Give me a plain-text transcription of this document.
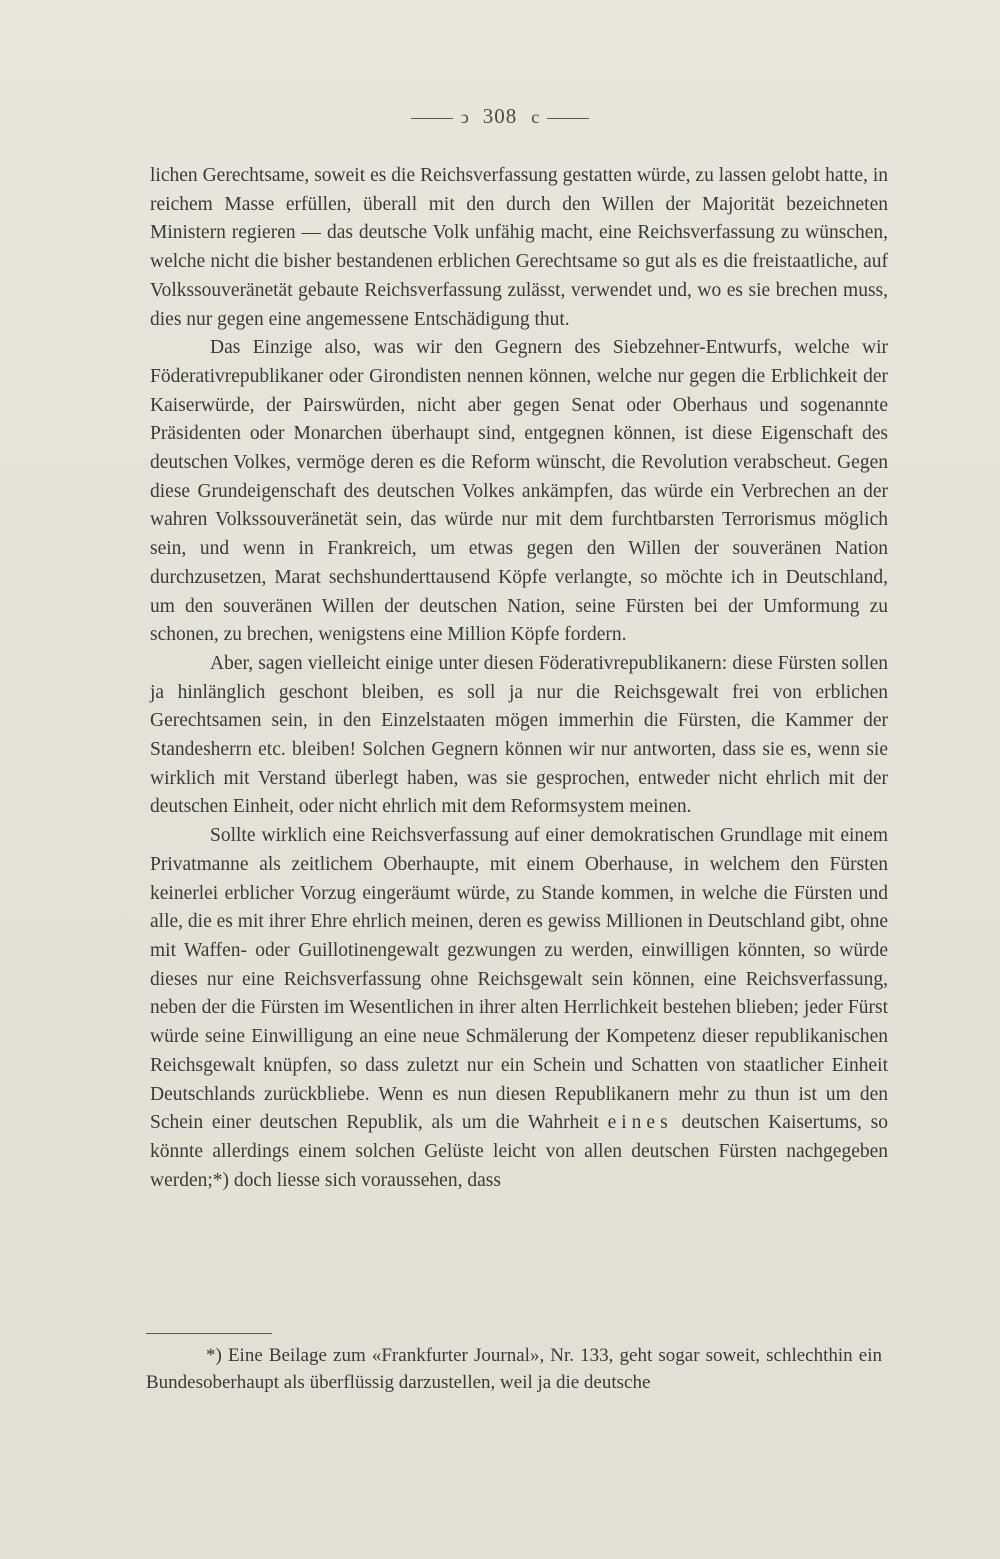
ↄ 308 c

lichen Gerechtsame, soweit es die Reichsverfassung gestatten würde, zu lassen gelobt hatte, in reichem Masse erfüllen, überall mit den durch den Willen der Majorität bezeichneten Ministern regieren — das deutsche Volk unfähig macht, eine Reichsverfassung zu wünschen, welche nicht die bisher bestandenen erblichen Gerechtsame so gut als es die freistaatliche, auf Volkssouveränetät gebaute Reichsverfassung zulässt, verwendet und, wo es sie brechen muss, dies nur gegen eine angemessene Entschädigung thut.

Das Einzige also, was wir den Gegnern des Siebzehner-Entwurfs, welche wir Föderativrepublikaner oder Girondisten nennen können, welche nur gegen die Erblichkeit der Kaiserwürde, der Pairswürden, nicht aber gegen Senat oder Oberhaus und sogenannte Präsidenten oder Monarchen überhaupt sind, entgegnen können, ist diese Eigenschaft des deutschen Volkes, vermöge deren es die Reform wünscht, die Revolution verabscheut. Gegen diese Grundeigenschaft des deutschen Volkes ankämpfen, das würde ein Verbrechen an der wahren Volkssouveränetät sein, das würde nur mit dem furchtbarsten Terrorismus möglich sein, und wenn in Frankreich, um etwas gegen den Willen der souveränen Nation durchzusetzen, Marat sechshunderttausend Köpfe verlangte, so möchte ich in Deutschland, um den souveränen Willen der deutschen Nation, seine Fürsten bei der Umformung zu schonen, zu brechen, wenigstens eine Million Köpfe fordern.

Aber, sagen vielleicht einige unter diesen Föderativrepublikanern: diese Fürsten sollen ja hinlänglich geschont bleiben, es soll ja nur die Reichsgewalt frei von erblichen Gerechtsamen sein, in den Einzelstaaten mögen immerhin die Fürsten, die Kammer der Standesherrn etc. bleiben! Solchen Gegnern können wir nur antworten, dass sie es, wenn sie wirklich mit Verstand überlegt haben, was sie gesprochen, entweder nicht ehrlich mit der deutschen Einheit, oder nicht ehrlich mit dem Reformsystem meinen.

Sollte wirklich eine Reichsverfassung auf einer demokratischen Grundlage mit einem Privatmanne als zeitlichem Oberhaupte, mit einem Oberhause, in welchem den Fürsten keinerlei erblicher Vorzug eingeräumt würde, zu Stande kommen, in welche die Fürsten und alle, die es mit ihrer Ehre ehrlich meinen, deren es gewiss Millionen in Deutschland gibt, ohne mit Waffen- oder Guillotinengewalt gezwungen zu werden, einwilligen könnten, so würde dieses nur eine Reichsverfassung ohne Reichsgewalt sein können, eine Reichsverfassung, neben der die Fürsten im Wesentlichen in ihrer alten Herrlichkeit bestehen blieben; jeder Fürst würde seine Einwilligung an eine neue Schmälerung der Kompetenz dieser republikanischen Reichsgewalt knüpfen, so dass zuletzt nur ein Schein und Schatten von staatlicher Einheit Deutschlands zurückbliebe. Wenn es nun diesen Republikanern mehr zu thun ist um den Schein einer deutschen Republik, als um die Wahrheit eines deutschen Kaisertums, so könnte allerdings einem solchen Gelüste leicht von allen deutschen Fürsten nachgegeben werden;*) doch liesse sich voraussehen, dass

*) Eine Beilage zum «Frankfurter Journal», Nr. 133, geht sogar soweit, schlechthin ein Bundesoberhaupt als überflüssig darzustellen, weil ja die deutsche
